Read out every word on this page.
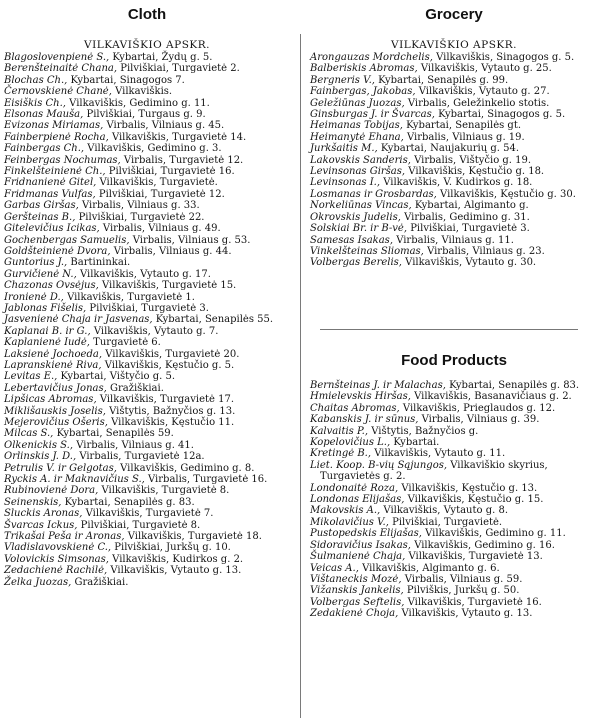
Cloth
VILKAVIŠKIO APSKR.
Blagoslovenpienė S., Kybartai, Žydų g. 5.
Berenšteinaitė Chana, Pilviškiai, Turgavietė 2.
Blochas Ch., Kybartai, Sinagogos 7.
Černovskienė Chanė, Vilkaviškis.
Eisiškis Ch., Vilkaviškis, Gedimino g. 11.
Elsonas Mauša, Pilviškiai, Turgaus g. 9.
Evizonas Miriamas, Virbalis, Vilniaus g. 45.
Fainberpienė Rocha, Vilkaviškis, Turgavietė 14.
Fainbergas Ch., Vilkaviškis, Gedimino g. 3.
Feinbergas Nochumas, Virbalis, Turgavietė 12.
Finkelšteinienė Ch., Pilviškiai, Turgavietė 16.
Fridnanienė Gitel, Vilkaviškis, Turgavietė.
Fridmanas Vulfas, Pilviškiai, Turgavietė 12.
Garbas Giršas, Virbalis, Vilniaus g. 33.
Geršteinas B., Pilviškiai, Turgavietė 22.
Gitelevičius Icikas, Virbalis, Vilniaus g. 49.
Gochenbergas Samuelis, Virbalis, Vilniaus g. 53.
Goldšteinienė Dvora, Virbalis, Vilniaus g. 44.
Guntorius J., Bartininkai.
Gurvičienė N., Vilkaviškis, Vytauto g. 17.
Chazonas Ovsėjus, Vilkaviškis, Turgavietė 15.
Ironienė D., Vilkaviškis, Turgavietė 1.
Jablonas Fišelis, Pilviškiai, Turgavietė 3.
Jasvenienė Chaja ir Jasvenas, Kybartai, Senapilės 55.
Kaplanai B. ir G., Vilkaviškis, Vytauto g. 7.
Kaplanienė Iudė, Turgavietė 6.
Laksienė Jochoeda, Vilkaviškis, Turgavietė 20.
Lapranskienė Riva, Vilkaviškis, Kęstučio g. 5.
Levitas E., Kybartai, Vištyčio g. 5.
Lebertavičius Jonas, Gražiškiai.
Lipšicas Abromas, Vilkaviškis, Turgavietė 17.
Miklišauskis Joselis, Vištytis, Bažnyčios g. 13.
Mejerovičius Ošeris, Vilkaviškis, Kęstučio 11.
Milcas S., Kybartai, Senapilės 59.
Olkenickis S., Virbalis, Vilniaus g. 41.
Orlinskis J. D., Virbalis, Turgavietė 12a.
Petrulis V. ir Gelgotas, Vilkaviškis, Gedimino g. 8.
Ryckis A. ir Maknavičius S., Virbalis, Turgavietė 16.
Rubinovienė Dora, Vilkaviškis, Turgavietė 8.
Seinenskis, Kybartai, Senapilės g. 83.
Sluckis Aronas, Vilkaviškis, Turgavietė 7.
Švarcas Ickus, Pilviškiai, Turgavietė 8.
Trikašai Peša ir Aronas, Vilkaviškis, Turgavietė 18.
Vladislavovskienė C., Pilviškiai, Jurkšų g. 10.
Volovickis Simsonas, Vilkaviškis, Kudirkos g. 2.
Zedachienė Rachilė, Vilkaviškis, Vytauto g. 13.
Želka Juozas, Gražiškiai.
Grocery
VILKAVIŠKIO APSKR.
Arongauzas Mordchelis, Vilkaviškis, Sinagogos g. 5.
Balberiskis Abromas, Vilkaviškis, Vytauto g. 25.
Bergneris V., Kybartai, Senapilės g. 99.
Fainbergas, Jakobas, Vilkaviškis, Vytauto g. 27.
Geležiūnas Juozas, Virbalis, Geležinkelio stotis.
Ginsburgas J. ir Švarcas, Kybartai, Sinagogos g. 5.
Heimanas Tobijas, Kybartai, Senapilės gt.
Heimanytė Ehana, Virbalis, Vilniaus g. 19.
Jurkšaitis M., Kybartai, Naujakurių g. 54.
Lakovskis Sanderis, Virbalis, Vištyčio g. 19.
Levinsonas Giršas, Vilkaviškis, Kęstučio g. 18.
Levinsonas I., Vilkaviškis, V. Kudirkos g. 18.
Losmanas ir Grosbardas, Vilkaviškis, Kęstučio g. 30.
Norkeliūnas Vincas, Kybartai, Algimanto g.
Okrovskis Judelis, Virbalis, Gedimino g. 31.
Solskiai Br. ir B-vė, Pilviškiai, Turgavietė 3.
Samesas Isakas, Virbalis, Vilniaus g. 11.
Vinkelšteinas Sliomas, Virbalis, Vilniaus g. 23.
Volbergas Berelis, Vilkaviškis, Vytauto g. 30.
Food Products
Bernšteinas J. ir Malachas, Kybartai, Senapilės g. 83.
Hmielevskis Hiršas, Vilkaviškis, Basanavičiaus g. 2.
Chaitas Abromas, Vilkaviškis, Prieglaudos g. 12.
Kabanskis J. ir sūnus, Virbalis, Vilniaus g. 39.
Kalvaitis P., Vištytis, Bažnyčios g.
Kopelovičius L., Kybartai.
Kretingė B., Vilkaviškis, Vytauto g. 11.
Liet. Koop. B-vių Sąjungos, Vilkaviškio skyrius, Turgavietės g. 2.
Londonaitė Roza, Vilkaviškis, Kęstučio g. 13.
Londonas Elijašas, Vilkaviškis, Kęstučio g. 15.
Makovskis A., Vilkaviškis, Vytauto g. 8.
Mikolavičius V., Pilviškiai, Turgavietė.
Pustopedskis Elijašas, Vilkaviškis, Gedimino g. 11.
Sidoravičius Isakas, Vilkaviškis, Gedimino g. 16.
Šulmanienė Chaja, Vilkaviškis, Turgavietė 13.
Veicas A., Vilkaviškis, Algimanto g. 6.
Vištaneckis Mozė, Virbalis, Vilniaus g. 59.
Vižanskis Jankelis, Pilviškis, Jurkšų g. 50.
Volbergas Seftelis, Vilkaviškis, Turgavietė 16.
Zedakienė Choja, Vilkaviškis, Vytauto g. 13.
